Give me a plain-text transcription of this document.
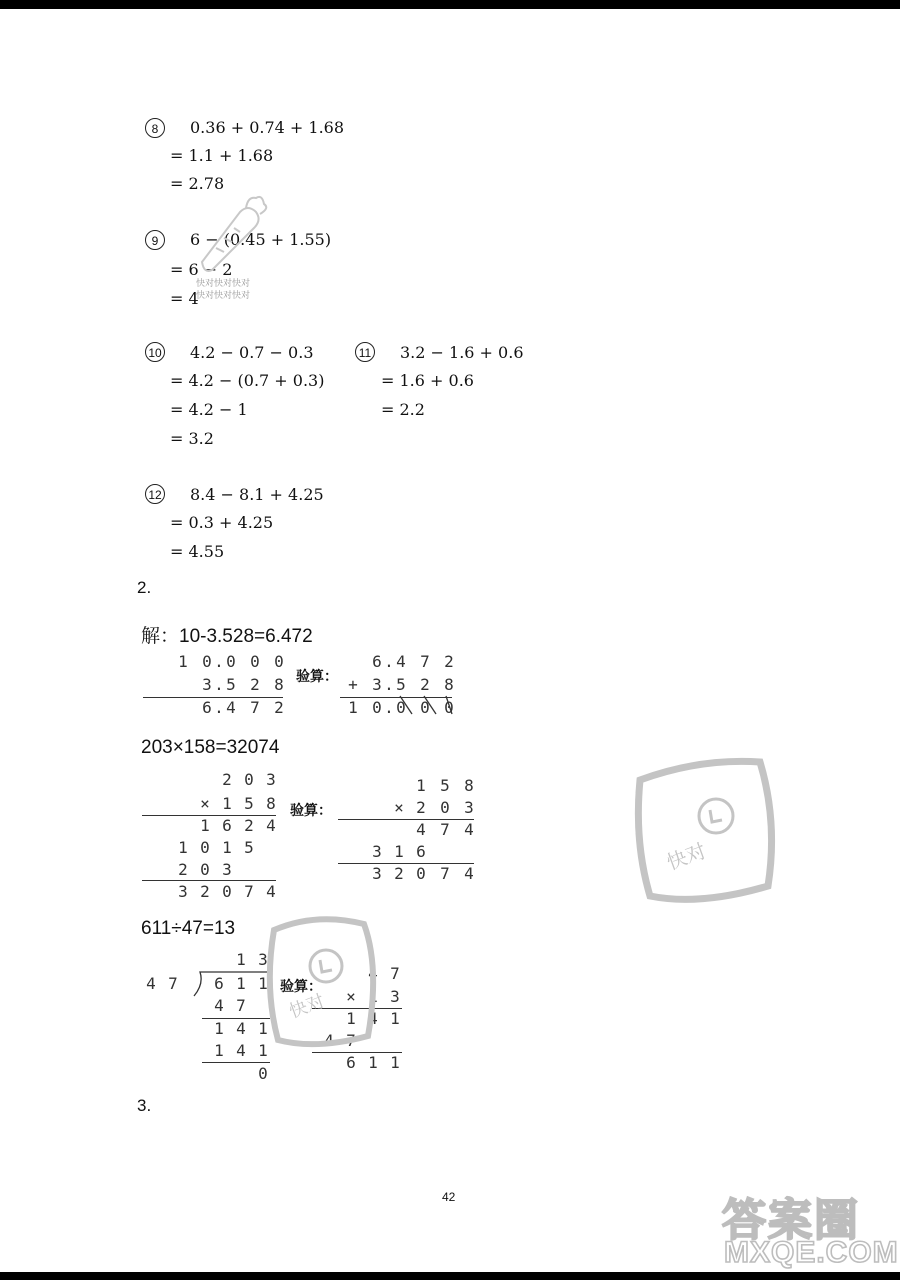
8	0.36 + 0.74 + 1.68
= 1.1 + 1.68
= 2.78
9	6 − (0.45 + 1.55)
= 6 − 2
= 4
快对快对快对
快对快对快对
10 4.2 − 0.7 − 0.3
= 4.2 − (0.7 + 0.3)
= 4.2 − 1
= 3.2
11 3.2 − 1.6 + 0.6
= 1.6 + 0.6
= 2.2
12 8.4 − 8.1 + 4.25
= 0.3 + 4.25
= 4.55
2.
解：10-3.528=6.472
1 0 . 0 0 0
3 . 5 2 8
6 . 4 7 2
验算：
6 . 4 7 2
+ 3 . 5 2 8
1 0 . 0 0 0
203×158=32074
2 0 3
× 1 5 8
1 6 2 4
1 0 1 5
2 0 3
3 2 0 7 4
验算：
1 5 8
× 2 0 3
4 7 4
3 1 6
3 2 0 7 4
611÷47=13
1 3
4 7 6 1 1
4 7
1 4 1
1 4 1
0
验算：
4 7
× 1 3
1 4 1
4 7
6 1 1
快对
快对
3.
42	答案圈
MXQE.COM
